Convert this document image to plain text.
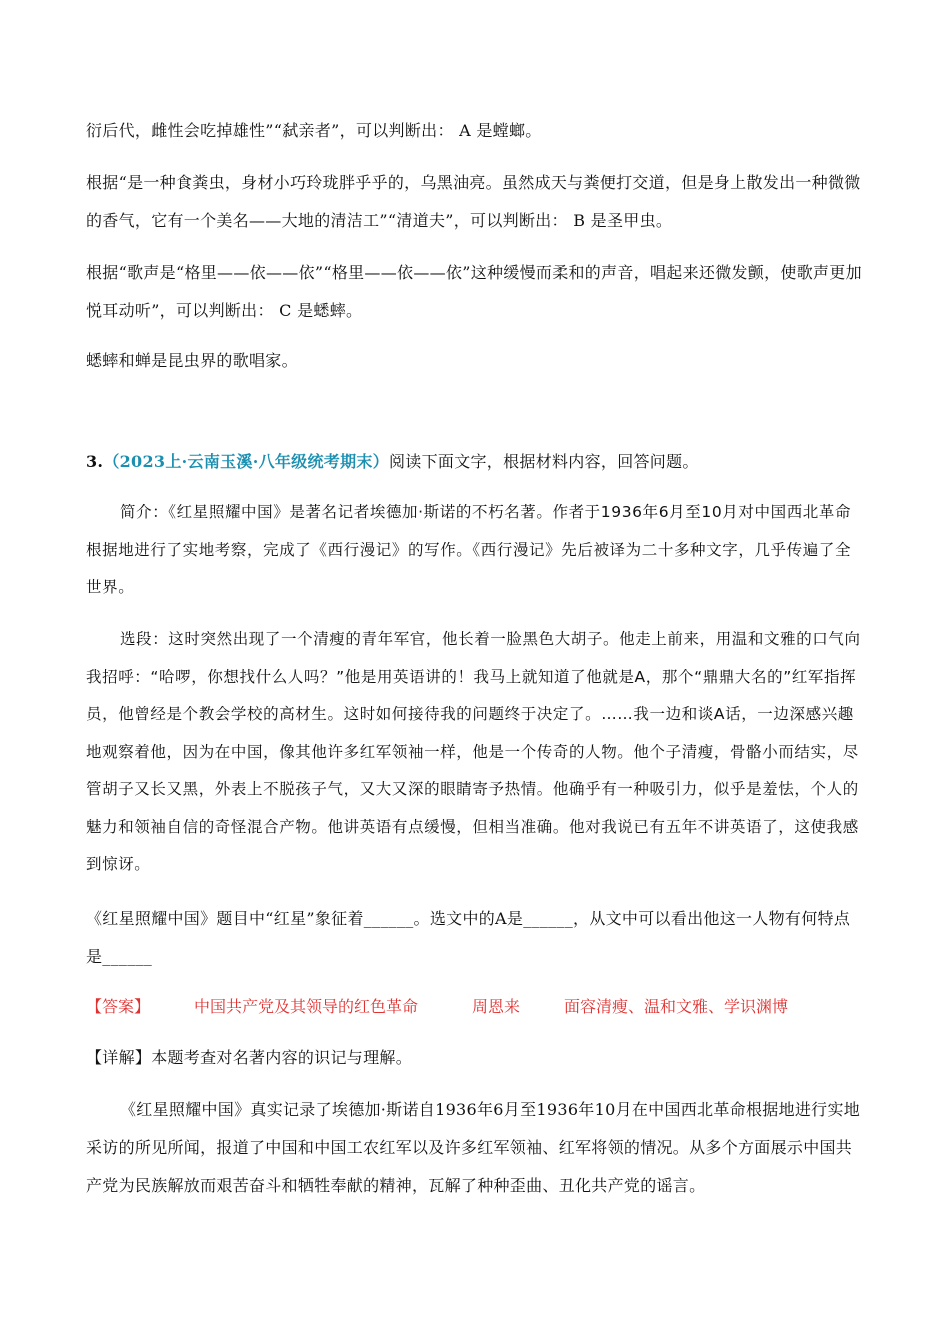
衍后代，雌性会吃掉雄性”“弑亲者”，可以判断出： A 是螳螂。

根据“是一种食粪虫，身材小巧玲珑胖乎乎的，乌黑油亮。虽然成天与粪便打交道，但是身上散发出一种微微的香气，它有一个美名——大地的清洁工”“清道夫”，可以判断出： B 是圣甲虫。

根据“歌声是“格里——依——依”“格里——依——依”这种缓慢而柔和的声音，唱起来还微发颤，使歌声更加悦耳动听”，可以判断出： C 是蟋蟀。

蟋蟀和蝉是昆虫界的歌唱家。

3.（2023上·云南玉溪·八年级统考期末）阅读下面文字，根据材料内容，回答问题。

简介：《红星照耀中国》是著名记者埃德加·斯诺的不朽名著。作者于1936年6月至10月对中国西北革命根据地进行了实地考察，完成了《西行漫记》的写作。《西行漫记》先后被译为二十多种文字，几乎传遍了全世界。

选段：这时突然出现了一个清瘦的青年军官，他长着一脸黑色大胡子。他走上前来，用温和文雅的口气向我招呼：“哈啰，你想找什么人吗？”他是用英语讲的！我马上就知道了他就是A，那个“鼎鼎大名的”红军指挥员，他曾经是个教会学校的高材生。这时如何接待我的问题终于决定了。……我一边和谈A话，一边深感兴趣地观察着他，因为在中国，像其他许多红军领袖一样，他是一个传奇的人物。他个子清瘦，骨骼小而结实，尽管胡子又长又黑，外表上不脱孩子气，又大又深的眼睛寄予热情。他确乎有一种吸引力，似乎是羞怯，个人的魅力和领袖自信的奇怪混合产物。他讲英语有点缓慢，但相当准确。他对我说已有五年不讲英语了，这使我感到惊讶。

《红星照耀中国》题目中“红星”象征着______。选文中的A是______，从文中可以看出他这一人物有何特点是______

【答案】	中国共产党及其领导的红色革命	周恩来	面容清瘦、温和文雅、学识渊博

【详解】本题考查对名著内容的识记与理解。

《红星照耀中国》真实记录了埃德加·斯诺自1936年6月至1936年10月在中国西北革命根据地进行实地采访的所见所闻，报道了中国和中国工农红军以及许多红军领袖、红军将领的情况。从多个方面展示中国共产党为民族解放而艰苦奋斗和牺牲奉献的精神，瓦解了种种歪曲、丑化共产党的谣言。
